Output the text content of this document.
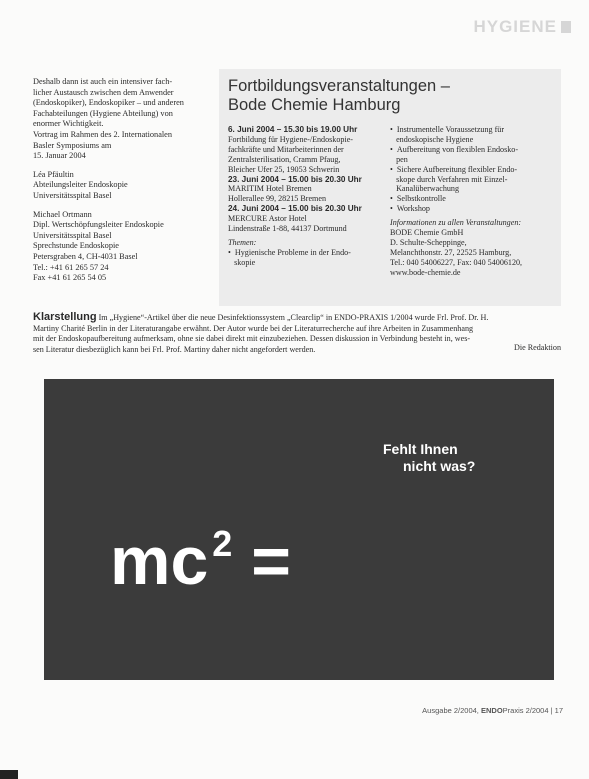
HYGIENE
Deshalb dann ist auch ein intensiver fach-
licher Austausch zwischen dem Anwender
(Endoskopiker), Endoskopiker – und anderen
Fachabteilungen (Hygiene Abteilung) von
enormer Wichtigkeit.
Vortrag im Rahmen des 2. Internationalen
Basler Symposiums am
15. Januar 2004
Léa Pfäultin
Abteilungsleiter Endoskopie
Universitätsspital Basel
Michael Ortmann
Dipl. Wertschöpfungsleiter Endoskopie
Universitätsspital Basel
Sprechstunde Endoskopie
Petersgraben 4, CH-4031 Basel
Tel.: +41 61 265 57 24
Fax +41 61 265 54 05
Fortbildungsveranstaltungen –
Bode Chemie Hamburg
6. Juni 2004 – 15.30 bis 19.00 Uhr
Fortbildung für Hygiene-/Endoskopie-
fachkräfte und Mitarbeiterinnen der
Zentralsterilisation, Cramm Pfaug,
Bleicher Ufer 25, 19053 Schwerin
23. Juni 2004 – 15.00 bis 20.30 Uhr
MARITIM Hotel Bremen
Hollerallee 99, 28215 Bremen
24. Juni 2004 – 15.00 bis 20.30 Uhr
MERCURE Astor Hotel
Lindenstraße 1-88, 44137 Dortmund
Themen:
•  Hygienische Probleme in der Endo-
skopie
•  Instrumentelle Voraussetzung für
endoskopische Hygiene
•  Aufbereitung von flexiblen Endosko-
pen
•  Sichere Aufbereitung flexibler Endo-
skope durch Verfahren mit Einzel-
Kanalüberwachung
•  Selbstkontrolle
•  Workshop
Informationen zu allen Veranstaltungen:
BODE Chemie GmbH
D. Schulte-Scheppinge,
Melanchthonstr. 27, 22525 Hamburg,
Tel.: 040 54006227, Fax: 040 54006120,
www.bode-chemie.de
Klarstellung Im „Hygiene“-Artikel über die neue Desinfektionssystem „Clearclip“ in ENDO-PRAXIS 1/2004 wurde Frl. Prof. Dr. H.
Martiny Charité Berlin in der Literaturangabe erwähnt. Der Autor wurde bei der Literaturrecherche auf ihre Arbeiten in Zusammenhang
mit der Endoskopaufbereitung aufmerksam, ohne sie dabei direkt mit einzubeziehen. Dessen diskussion in Verbindung besteht in, wes-
sen Literatur diesbezüglich kann bei Frl. Prof. Martiny daher nicht angefordert werden.	Die Redaktion
Fehlt Ihnen
nicht was?
mc $^2$ =
Ausgabe 2/2004, ENDOPraxis 2/2004 | 17
